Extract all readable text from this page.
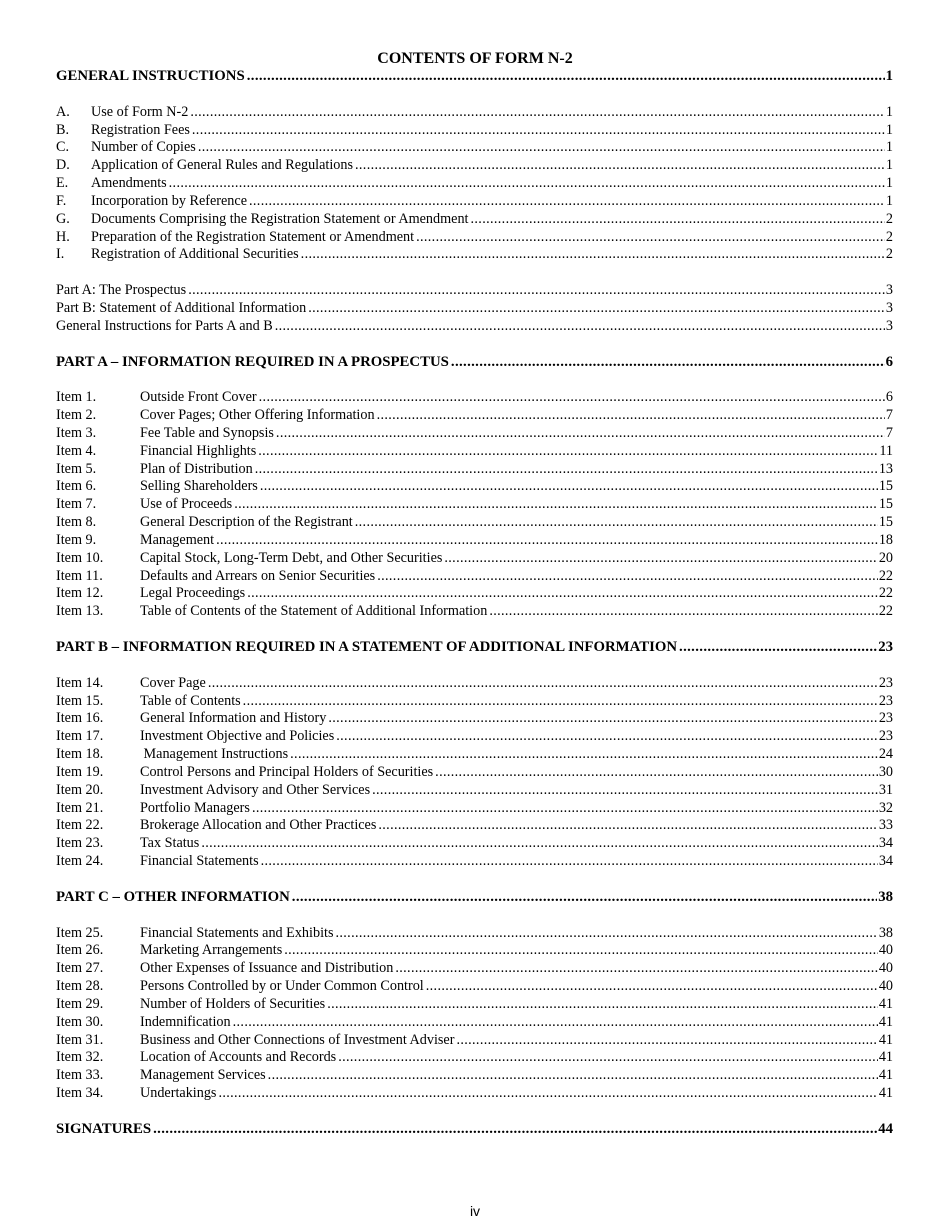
CONTENTS OF FORM N-2
GENERAL INSTRUCTIONS .....	1
A.	Use of Form N-2 .....	1
B.	Registration Fees .....	1
C.	Number of Copies .....	1
D.	Application of General Rules and Regulations .....	1
E.	Amendments .....	1
F.	Incorporation by Reference .....	1
G.	Documents Comprising the Registration Statement or Amendment .....	2
H.	Preparation of the Registration Statement or Amendment .....	2
I.	Registration of Additional Securities .....	2
Part A: The Prospectus .....	3
Part B: Statement of Additional Information .....	3
General Instructions for Parts A and B .....	3
PART A – INFORMATION REQUIRED IN A PROSPECTUS .....	6
Item 1.	Outside Front Cover .....	6
Item 2.	Cover Pages; Other Offering Information .....	7
Item 3.	Fee Table and Synopsis .....	7
Item 4.	Financial Highlights .....	11
Item 5.	Plan of Distribution .....	13
Item 6.	Selling Shareholders .....	15
Item 7.	Use of Proceeds .....	15
Item 8.	General Description of the Registrant .....	15
Item 9.	Management .....	18
Item 10.	Capital Stock, Long-Term Debt, and Other Securities .....	20
Item 11.	Defaults and Arrears on Senior Securities .....	22
Item 12.	Legal Proceedings .....	22
Item 13.	Table of Contents of the Statement of Additional Information .....	22
PART B – INFORMATION REQUIRED IN A STATEMENT OF ADDITIONAL INFORMATION .....	23
Item 14.	Cover Page .....	23
Item 15.	Table of Contents .....	23
Item 16.	General Information and History .....	23
Item 17.	Investment Objective and Policies .....	23
Item 18.	Management Instructions .....	24
Item 19.	Control Persons and Principal Holders of Securities .....	30
Item 20.	Investment Advisory and Other Services .....	31
Item 21.	Portfolio Managers .....	32
Item 22.	Brokerage Allocation and Other Practices .....	33
Item 23.	Tax Status .....	34
Item 24.	Financial Statements .....	34
PART C – OTHER INFORMATION .....	38
Item 25.	Financial Statements and Exhibits .....	38
Item 26.	Marketing Arrangements .....	40
Item 27.	Other Expenses of Issuance and Distribution .....	40
Item 28.	Persons Controlled by or Under Common Control .....	40
Item 29.	Number of Holders of Securities .....	41
Item 30.	Indemnification .....	41
Item 31.	Business and Other Connections of Investment Adviser .....	41
Item 32.	Location of Accounts and Records .....	41
Item 33.	Management Services .....	41
Item 34.	Undertakings .....	41
SIGNATURES .....	44
iv
